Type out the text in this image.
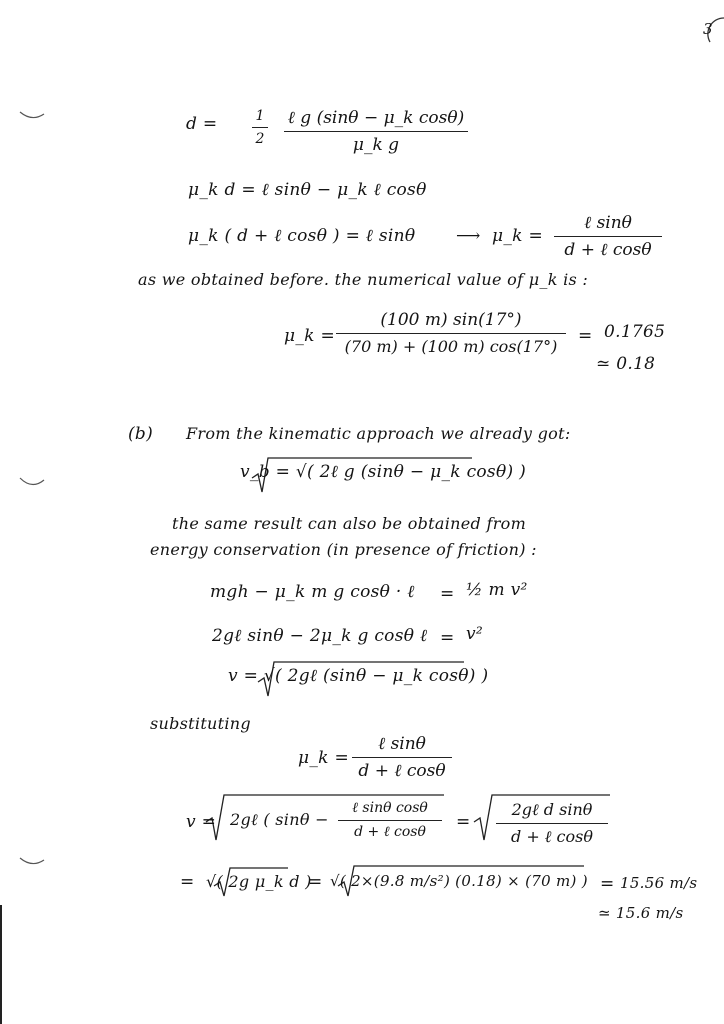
3
d =	1
2
ℓ g (sinθ − μ_k cosθ)
μ_k g
μ_k d = ℓ sinθ − μ_k ℓ cosθ
μ_k ( d + ℓ cosθ ) = ℓ sinθ ⟶ μ_k =
ℓ sinθ
d + ℓ cosθ
as we obtained before. the numerical value of μ_k is :
μ_k =
(100 m) sin(17°)
(70 m) + (100 m) cos(17°)
= 0.1765
≃ 0.18
(b) From the kinematic approach we already got:
v_b = √( 2ℓ g (sinθ − μ_k cosθ) )
the same result can also be obtained from
energy conservation (in presence of friction) :
mgh − μ_k m g cosθ · ℓ = ½ m v²
2gℓ sinθ − 2μ_k g cosθ ℓ = v²
v = √( 2gℓ (sinθ − μ_k cosθ) )
substituting
μ_k =
ℓ sinθ
d + ℓ cosθ
v = 2gℓ ( sinθ −
ℓ sinθ cosθ
d + ℓ cosθ	=
2gℓ d sinθ
d + ℓ cosθ
= √( 2g μ_k d )
= √( 2×(9.8 m/s²) (0.18) × (70 m) ) = 15.56 m/s
≃ 15.6 m/s
